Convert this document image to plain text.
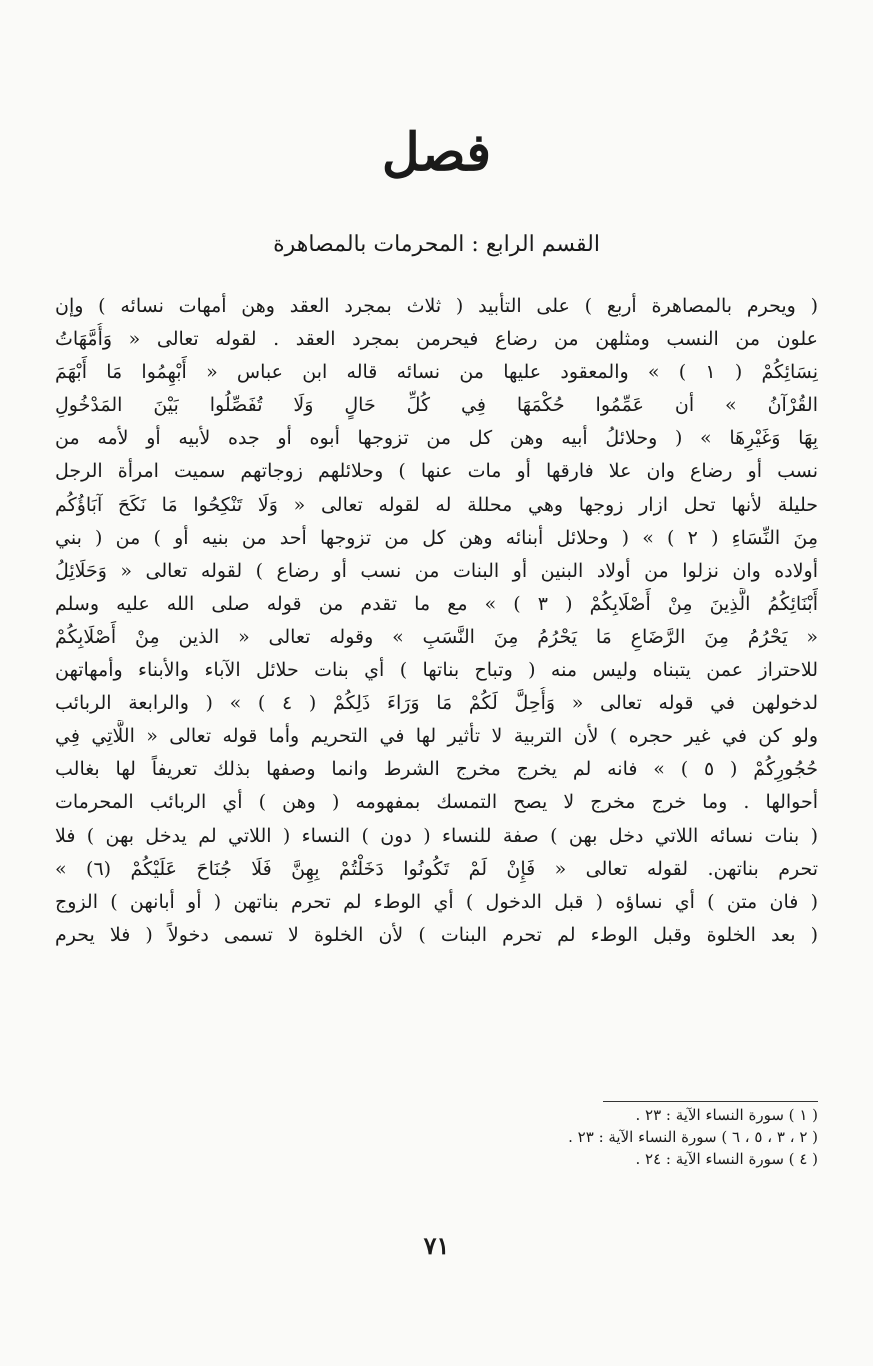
فصل
القسم الرابع : المحرمات بالمصاهرة
( ويحرم بالمصاهرة أربع ) على التأبيد ( ثلاث بمجرد العقد وهن أمهات نسائه ) وإن
علون من النسب ومثلهن من رضاع فيحرمن بمجرد العقد . لقوله تعالى « وَأُمَّهَاتُ
نِسَائِكُمْ ( ١ ) » والمعقود عليها من نسائه قاله ابن عباس « أَبْهِمُوا مَا أَبْهَمَ
القُرْآنُ » أن عَمِّمُوا حُكْمَهَا فِي كُلِّ حَالٍ وَلَا تُفَصِّلُوا بَيْنَ المَدْخُولِ
بِهَا وَغَيْرِهَا » ( وحلائلُ أبيه وهن كل من تزوجها أبوه أو جده لأبيه أو لأمه من
نسب أو رضاع وان علا فارقها أو مات عنها ) وحلائلهم زوجاتهم سميت امرأة الرجل
حليلة لأنها تحل ازار زوجها وهي محللة له لقوله تعالى « وَلَا تَنْكِحُوا مَا نَكَحَ آبَاؤُكُم
مِنَ النِّسَاءِ ( ٢ ) » ( وحلائل أبنائه وهن كل من تزوجها أحد من بنيه أو ) من ( بني
أولاده وان نزلوا من أولاد البنين أو البنات من نسب أو رضاع ) لقوله تعالى « وَحَلَائِلُ
أَبْنَائِكُمُ الَّذِينَ مِنْ أَصْلَابِكُمْ ( ٣ ) » مع ما تقدم من قوله صلى الله عليه وسلم
« يَحْرُمُ مِنَ الرَّضَاعِ مَا يَحْرُمُ مِنَ النَّسَبِ » وقوله تعالى « الذين مِنْ أَصْلَابِكُمْ
للاحتراز عمن يتبناه وليس منه ( وتباح بناتها ) أي بنات حلائل الآباء والأبناء وأمهاتهن
لدخولهن في قوله تعالى « وَأُحِلَّ لَكُمْ مَا وَرَاءَ ذَلِكُمْ ( ٤ ) » ( والرابعة الربائب
ولو كن في غير حجره ) لأن التربية لا تأثير لها في التحريم وأما قوله تعالى « اللَّاتِي فِي
حُجُورِكُمْ ( ٥ ) » فانه لم يخرج مخرج الشرط وانما وصفها بذلك تعريفاً لها بغالب
أحوالها . وما خرج مخرج لا يصح التمسك بمفهومه ( وهن ) أي الربائب المحرمات
( بنات نسائه اللاتي دخل بهن ) صفة للنساء ( دون ) النساء ( اللاتي لم يدخل بهن ) فلا
تحرم بناتهن. لقوله تعالى « فَإِنْ لَمْ تَكُونُوا دَخَلْتُمْ بِهِنَّ فَلَا جُنَاحَ عَلَيْكُمْ (٦) »
( فان متن ) أي نساؤه ( قبل الدخول ) أي الوطء لم تحرم بناتهن ( أو أبانهن ) الزوج
( بعد الخلوة وقبل الوطء لم تحرم البنات ) لأن الخلوة لا تسمى دخولاً ( فلا يحرم
( ١ ) سورة النساء الآية : ٢٣ .
( ٢ ، ٣ ، ٥ ، ٦ ) سورة النساء الآية : ٢٣ .
( ٤ ) سورة النساء الآية : ٢٤ .
٧١
